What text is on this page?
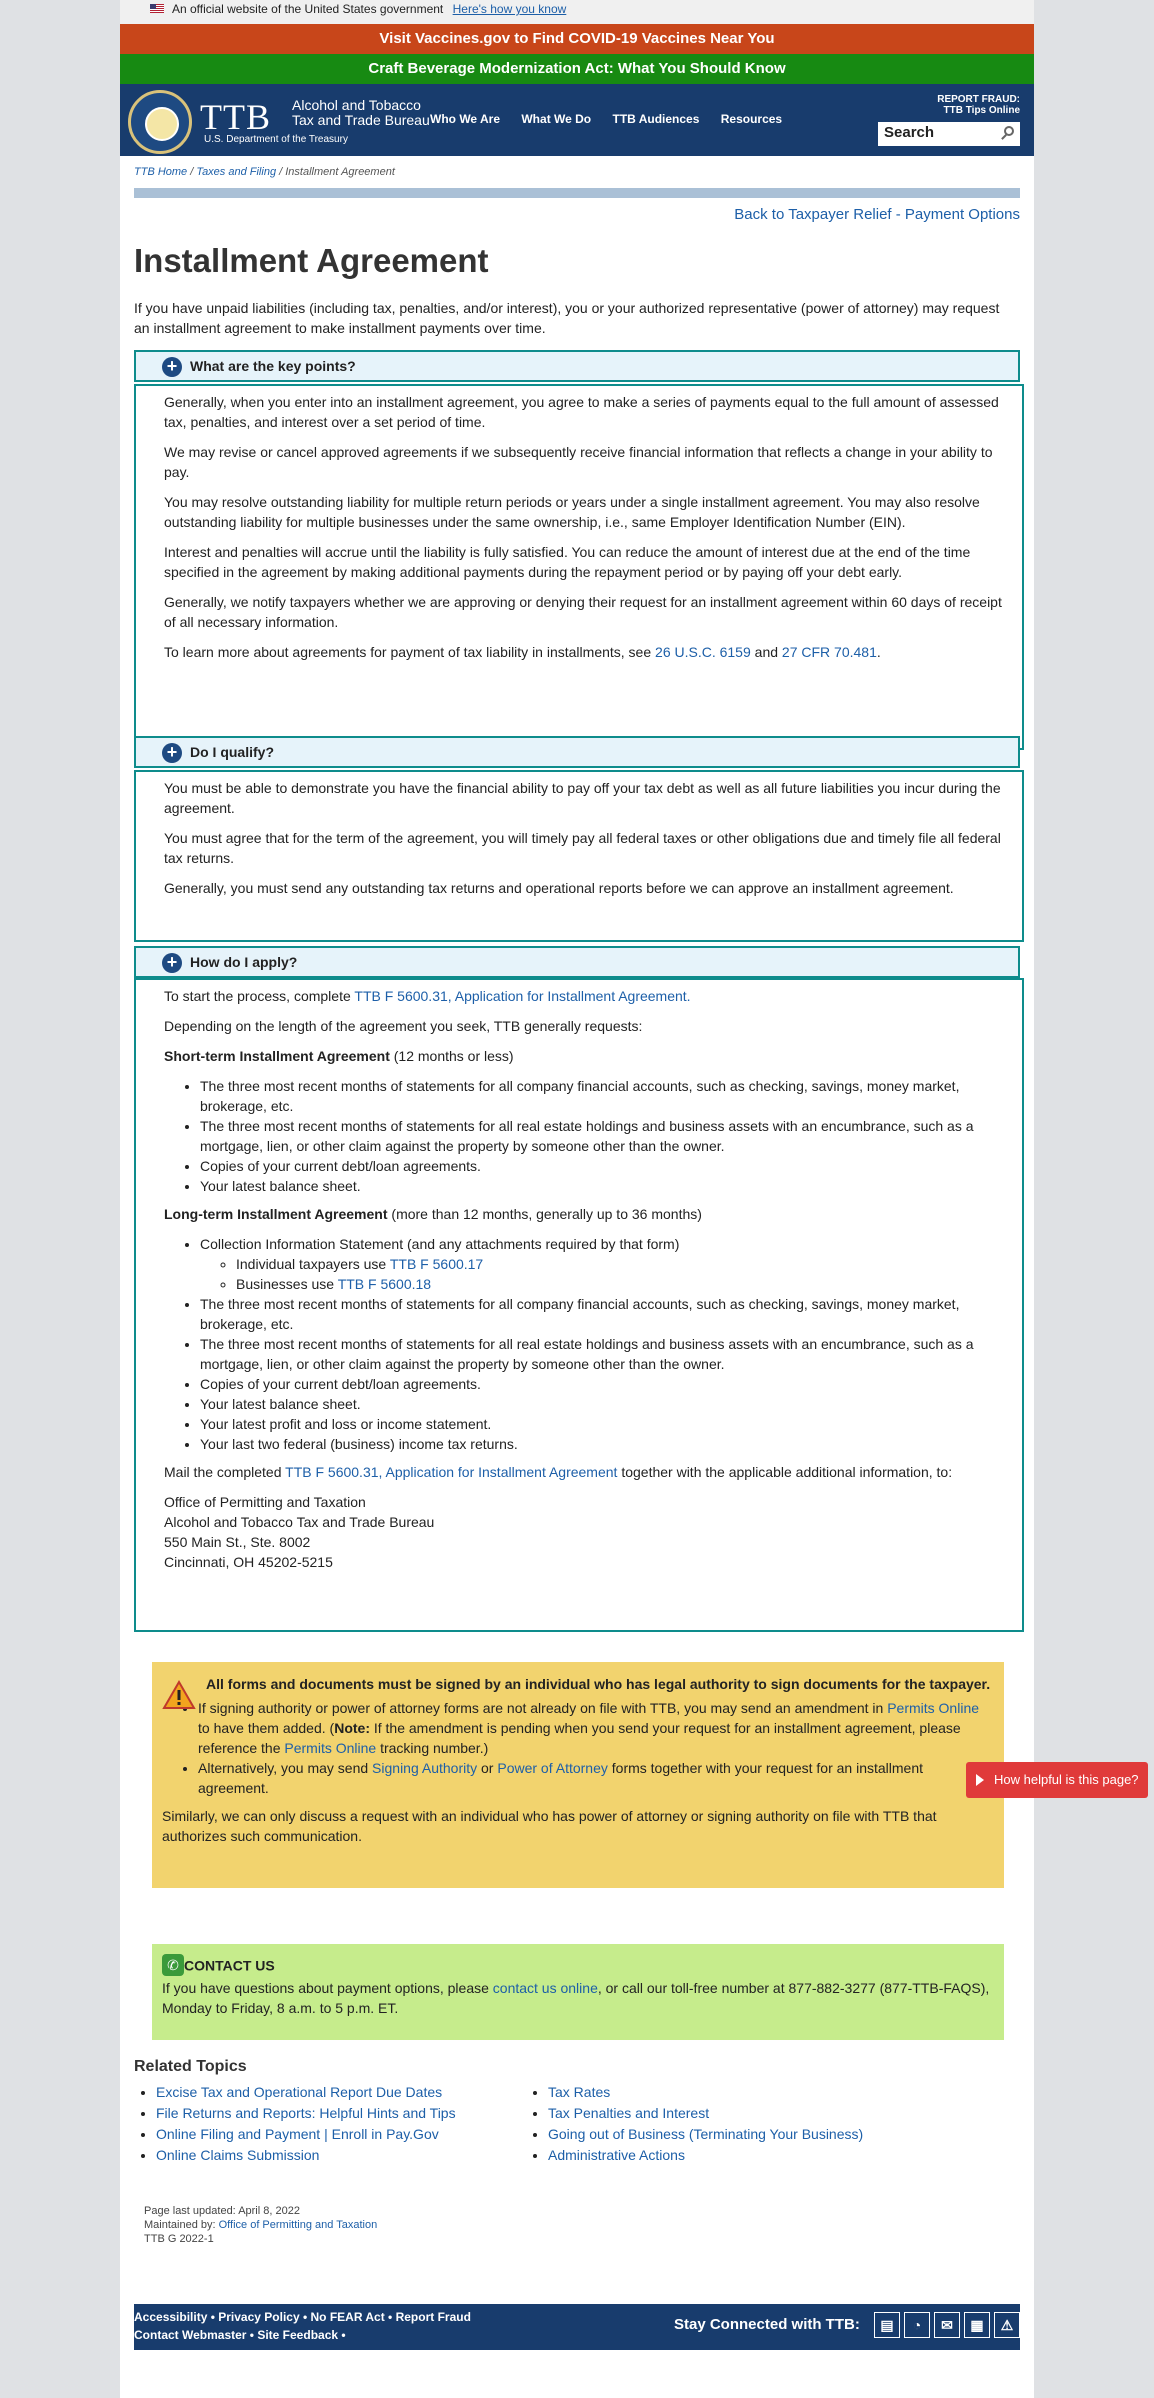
An official website of the United States government Here's how you know
Visit Vaccines.gov to Find COVID-19 Vaccines Near You
Craft Beverage Modernization Act: What You Should Know
TTB Alcohol and Tobacco
Tax and Trade Bureau
U.S. Department of the Treasury
Who We Are What We Do TTB Audiences Resources
REPORT FRAUD:
TTB Tips Online
Search
TTB Home / Taxes and Filing / Installment Agreement
Back to Taxpayer Relief - Payment Options
Installment Agreement
If you have unpaid liabilities (including tax, penalties, and/or interest), you or your authorized representative (power of attorney) may request an installment agreement to make installment payments over time.
+ What are the key points?

Generally, when you enter into an installment agreement, you agree to make a series of payments equal to the full amount of assessed tax, penalties, and interest over a set period of time.

We may revise or cancel approved agreements if we subsequently receive financial information that reflects a change in your ability to pay.

You may resolve outstanding liability for multiple return periods or years under a single installment agreement. You may also resolve outstanding liability for multiple businesses under the same ownership, i.e., same Employer Identification Number (EIN).

Interest and penalties will accrue until the liability is fully satisfied. You can reduce the amount of interest due at the end of the time specified in the agreement by making additional payments during the repayment period or by paying off your debt early.

Generally, we notify taxpayers whether we are approving or denying their request for an installment agreement within 60 days of receipt of all necessary information.

To learn more about agreements for payment of tax liability in installments, see 26 U.S.C. 6159 and 27 CFR 70.481.

+ Do I qualify?

You must be able to demonstrate you have the financial ability to pay off your tax debt as well as all future liabilities you incur during the agreement.

You must agree that for the term of the agreement, you will timely pay all federal taxes or other obligations due and timely file all federal tax returns.

Generally, you must send any outstanding tax returns and operational reports before we can approve an installment agreement.

+ How do I apply?

To start the process, complete TTB F 5600.31, Application for Installment Agreement.

Depending on the length of the agreement you seek, TTB generally requests:

Short-term Installment Agreement (12 months or less)

• The three most recent months of statements for all company financial accounts, such as checking, savings, money market, brokerage, etc.
• The three most recent months of statements for all real estate holdings and business assets with an encumbrance, such as a mortgage, lien, or other claim against the property by someone other than the owner.
• Copies of your current debt/loan agreements.
• Your latest balance sheet.

Long-term Installment Agreement (more than 12 months, generally up to 36 months)

• Collection Information Statement (and any attachments required by that form)
◦ Individual taxpayers use TTB F 5600.17
◦ Businesses use TTB F 5600.18
• The three most recent months of statements for all company financial accounts, such as checking, savings, money market, brokerage, etc.
• The three most recent months of statements for all real estate holdings and business assets with an encumbrance, such as a mortgage, lien, or other claim against the property by someone other than the owner.
• Copies of your current debt/loan agreements.
• Your latest balance sheet.
• Your latest profit and loss or income statement.
• Your last two federal (business) income tax returns.

Mail the completed TTB F 5600.31, Application for Installment Agreement together with the applicable additional information, to:

Office of Permitting and Taxation
Alcohol and Tobacco Tax and Trade Bureau
550 Main St., Ste. 8002
Cincinnati, OH 45202-5215
All forms and documents must be signed by an individual who has legal authority to sign documents for the taxpayer.
• If signing authority or power of attorney forms are not already on file with TTB, you may send an amendment in Permits Online to have them added. (Note: If the amendment is pending when you send your request for an installment agreement, please reference the Permits Online tracking number.)
• Alternatively, you may send Signing Authority or Power of Attorney forms together with your request for an installment agreement.

Similarly, we can only discuss a request with an individual who has power of attorney or signing authority on file with TTB that authorizes such communication.

✆ CONTACT US

If you have questions about payment options, please contact us online, or call our toll-free number at 877-882-3277 (877-TTB-FAQS), Monday to Friday, 8 a.m. to 5 p.m. ET.

Related Topics
• Excise Tax and Operational Report Due Dates
• File Returns and Reports: Helpful Hints and Tips
• Online Filing and Payment | Enroll in Pay.Gov
• Online Claims Submission
• Tax Rates
• Tax Penalties and Interest
• Going out of Business (Terminating Your Business)
• Administrative Actions
Page last updated: April 8, 2022
Maintained by: Office of Permitting and Taxation
TTB G 2022-1
Accessibility • Privacy Policy • No FEAR Act • Report Fraud
Contact Webmaster • Site Feedback •
Stay Connected with TTB:	▤ ◔ ✉ ▦ ⚠
How helpful is this page?
